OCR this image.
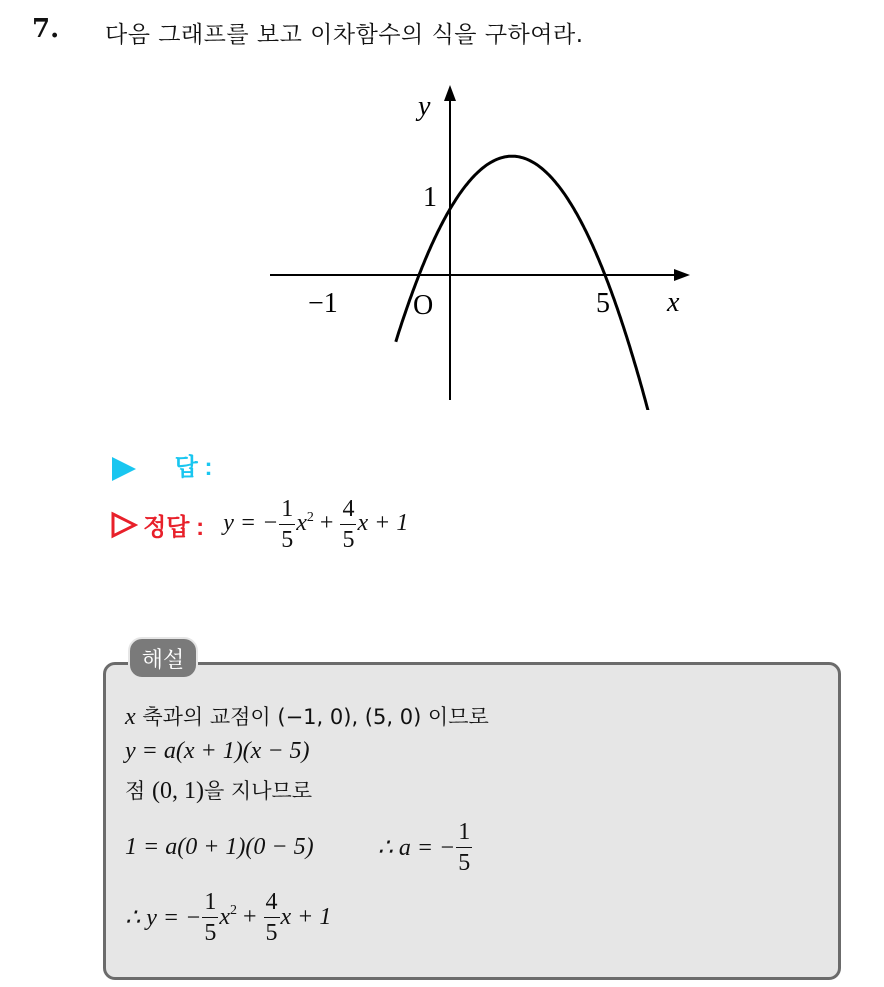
7. 다음 그래프를 보고 이차함수의 식을 구하여라.
y
x
1
−1	O	5
답 :
정답 : y = − $\frac{1}{5} x^2 + \frac{4}{5}$ x + 1
해설
x 축과의 교점이 (−1, 0), (5, 0) 이므로
y = a(x + 1)(x − 5)
점 (0, 1)을 지나므로
1 = a(0 + 1)(0 − 5)	∴ a = − $\frac{1}{5}$
∴ y = − $\frac{1}{5} x^2 + \frac{4}{5}$ x + 1
